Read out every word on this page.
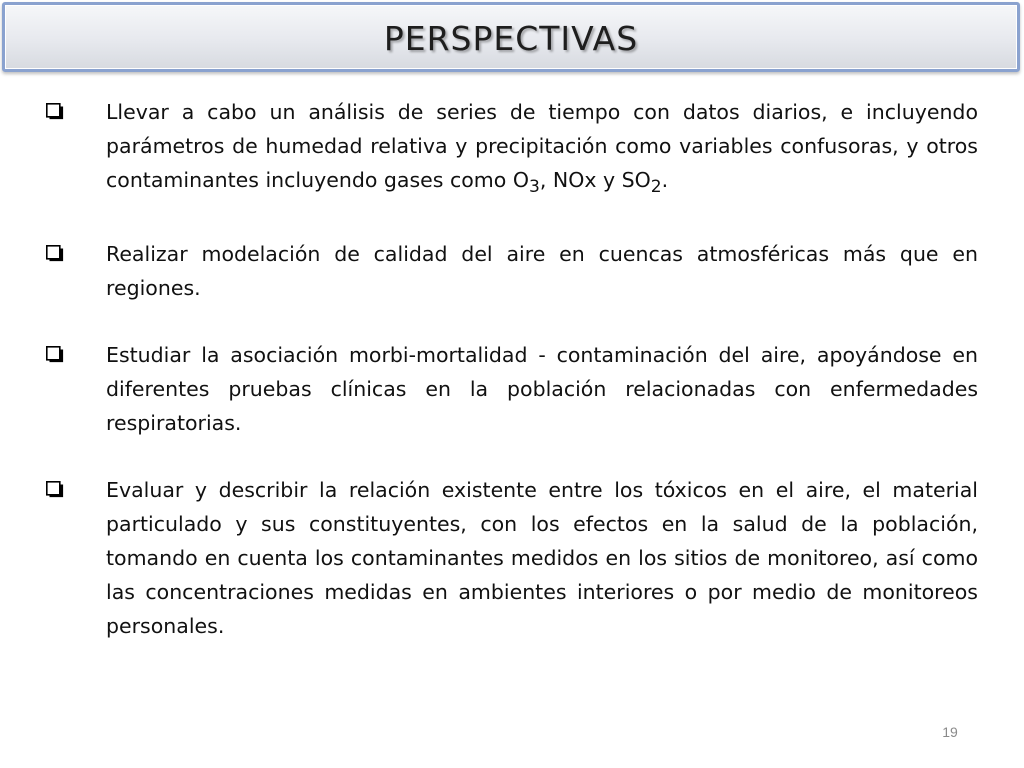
PERSPECTIVAS
Llevar a cabo un análisis de series de tiempo con datos diarios, e incluyendo parámetros de humedad relativa y precipitación como variables confusoras, y otros contaminantes incluyendo gases como $O_3$, NOx y $SO_2$.
Realizar modelación de calidad del aire en cuencas atmosféricas más que en regiones.
Estudiar la asociación morbi-mortalidad - contaminación del aire, apoyándose en diferentes pruebas clínicas en la población relacionadas con enfermedades respiratorias.
Evaluar y describir la relación existente entre los tóxicos en el aire, el material particulado y sus constituyentes, con los efectos en la salud de la población, tomando en cuenta los contaminantes medidos en los sitios de monitoreo, así como las concentraciones medidas en ambientes interiores o por medio de monitoreos personales.
19
